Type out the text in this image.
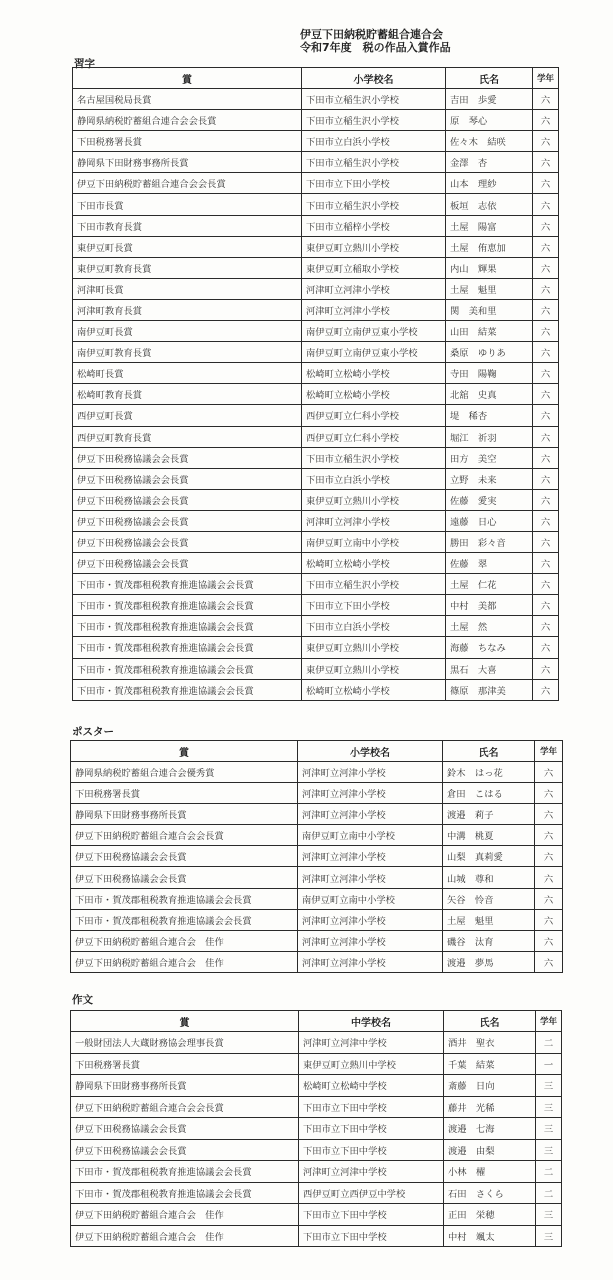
伊豆下田納税貯蓄組合連合会
令和7年度　税の作品入賞作品
習字
賞	小学校名	氏名	学年
名古屋国税局長賞	下田市立稲生沢小学校	吉田　歩愛	六
静岡県納税貯蓄組合連合会会長賞	下田市立稲生沢小学校	原　琴心	六
下田税務署長賞	下田市立白浜小学校	佐々木　結咲	六
静岡県下田財務事務所長賞	下田市立稲生沢小学校	金澤　杏	六
伊豆下田納税貯蓄組合連合会会長賞	下田市立下田小学校	山本　理紗	六
下田市長賞	下田市立稲生沢小学校	板垣　志依	六
下田市教育長賞	下田市立稲梓小学校	土屋　陽富	六
東伊豆町長賞	東伊豆町立熱川小学校	土屋　侑恵加	六
東伊豆町教育長賞	東伊豆町立稲取小学校	内山　輝果	六
河津町長賞	河津町立河津小学校	土屋　魁里	六
河津町教育長賞	河津町立河津小学校	関　美和里	六
南伊豆町長賞	南伊豆町立南伊豆東小学校	山田　結菜	六
南伊豆町教育長賞	南伊豆町立南伊豆東小学校	桑原　ゆりあ	六
松崎町長賞	松崎町立松崎小学校	寺田　陽鞠	六
松崎町教育長賞	松崎町立松崎小学校	北舘　史真	六
西伊豆町長賞	西伊豆町立仁科小学校	堤　稀杏	六
西伊豆町教育長賞	西伊豆町立仁科小学校	堀江　祈羽	六
伊豆下田税務協議会会長賞	下田市立稲生沢小学校	田方　美空	六
伊豆下田税務協議会会長賞	下田市立白浜小学校	立野　未来	六
伊豆下田税務協議会会長賞	東伊豆町立熱川小学校	佐藤　愛実	六
伊豆下田税務協議会会長賞	河津町立河津小学校	遠藤　日心	六
伊豆下田税務協議会会長賞	南伊豆町立南中小学校	勝田　彩々音	六
伊豆下田税務協議会会長賞	松崎町立松崎小学校	佐藤　翠	六
下田市・賀茂郡租税教育推進協議会会長賞	下田市立稲生沢小学校	土屋　仁花	六
下田市・賀茂郡租税教育推進協議会会長賞	下田市立下田小学校	中村　美都	六
下田市・賀茂郡租税教育推進協議会会長賞	下田市立白浜小学校	土屋　然	六
下田市・賀茂郡租税教育推進協議会会長賞	東伊豆町立熱川小学校	海藤　ちなみ	六
下田市・賀茂郡租税教育推進協議会会長賞	東伊豆町立熱川小学校	黒石　大喜	六
下田市・賀茂郡租税教育推進協議会会長賞	松崎町立松崎小学校	篠原　那津美	六
ポスター
賞	小学校名	氏名	学年
静岡県納税貯蓄組合連合会優秀賞	河津町立河津小学校	鈴木　はっ花	六
下田税務署長賞	河津町立河津小学校	倉田　こはる	六
静岡県下田財務事務所長賞	河津町立河津小学校	渡邉　莉子	六
伊豆下田納税貯蓄組合連合会会長賞	南伊豆町立南中小学校	中溝　桃夏	六
伊豆下田税務協議会会長賞	河津町立河津小学校	山梨　真莉愛	六
伊豆下田税務協議会会長賞	河津町立河津小学校	山城　尊和	六
下田市・賀茂郡租税教育推進協議会会長賞	南伊豆町立南中小学校	矢谷　怜音	六
下田市・賀茂郡租税教育推進協議会会長賞	河津町立河津小学校	土屋　魁里	六
伊豆下田納税貯蓄組合連合会　佳作	河津町立河津小学校	磯谷　汰育	六
伊豆下田納税貯蓄組合連合会　佳作	河津町立河津小学校	渡邉　夢馬	六
作文
賞	中学校名	氏名	学年
一般財団法人大蔵財務協会理事長賞	河津町立河津中学校	酒井　聖衣	二
下田税務署長賞	東伊豆町立熱川中学校	千葉　結菜	一
静岡県下田財務事務所長賞	松崎町立松崎中学校	斎藤　日向	三
伊豆下田納税貯蓄組合連合会会長賞	下田市立下田中学校	藤井　光稀	三
伊豆下田税務協議会会長賞	下田市立下田中学校	渡邉　七海	三
伊豆下田税務協議会会長賞	下田市立下田中学校	渡邉　由梨	三
下田市・賀茂郡租税教育推進協議会会長賞	河津町立河津中学校	小林　櫂	二
下田市・賀茂郡租税教育推進協議会会長賞	西伊豆町立西伊豆中学校	石田　さくら	二
伊豆下田納税貯蓄組合連合会　佳作	下田市立下田中学校	正田　栄穂	三
伊豆下田納税貯蓄組合連合会　佳作	下田市立下田中学校	中村　颯太	三
